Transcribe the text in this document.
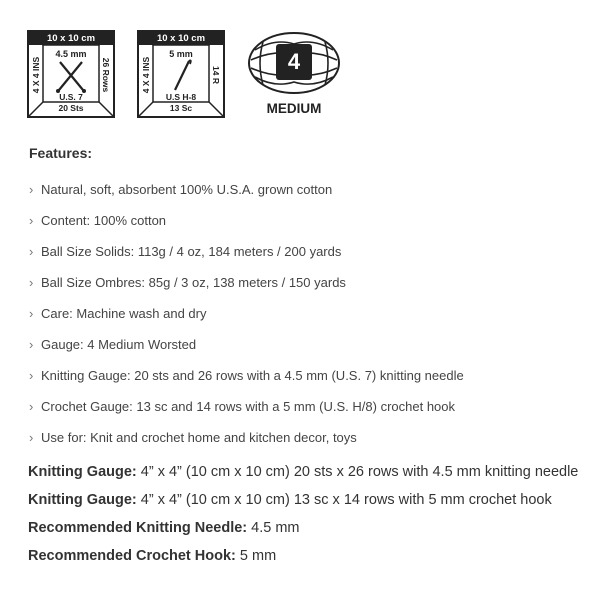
10 x 10 cm
4.5 mm
U.S. 7
4 X 4 INS	26 Rows
20 Sts
10 x 10 cm
5 mm
U.S H-8
4 X 4 INS	14 R
13 Sc
4
MEDIUM
Features:
› Natural, soft, absorbent 100% U.S.A. grown cotton
› Content: 100% cotton
› Ball Size Solids: 113g / 4 oz, 184 meters / 200 yards
› Ball Size Ombres: 85g / 3 oz, 138 meters / 150 yards
› Care: Machine wash and dry
› Gauge: 4 Medium Worsted
› Knitting Gauge: 20 sts and 26 rows with a 4.5 mm (U.S. 7) knitting needle
› Crochet Gauge: 13 sc and 14 rows with a 5 mm (U.S. H/8) crochet hook
› Use for: Knit and crochet home and kitchen decor, toys
Knitting Gauge: 4” x 4” (10 cm x 10 cm) 20 sts x 26 rows with 4.5 mm knitting needle
Knitting Gauge: 4” x 4” (10 cm x 10 cm) 13 sc x 14 rows with 5 mm crochet hook
Recommended Knitting Needle: 4.5 mm
Recommended Crochet Hook: 5 mm
